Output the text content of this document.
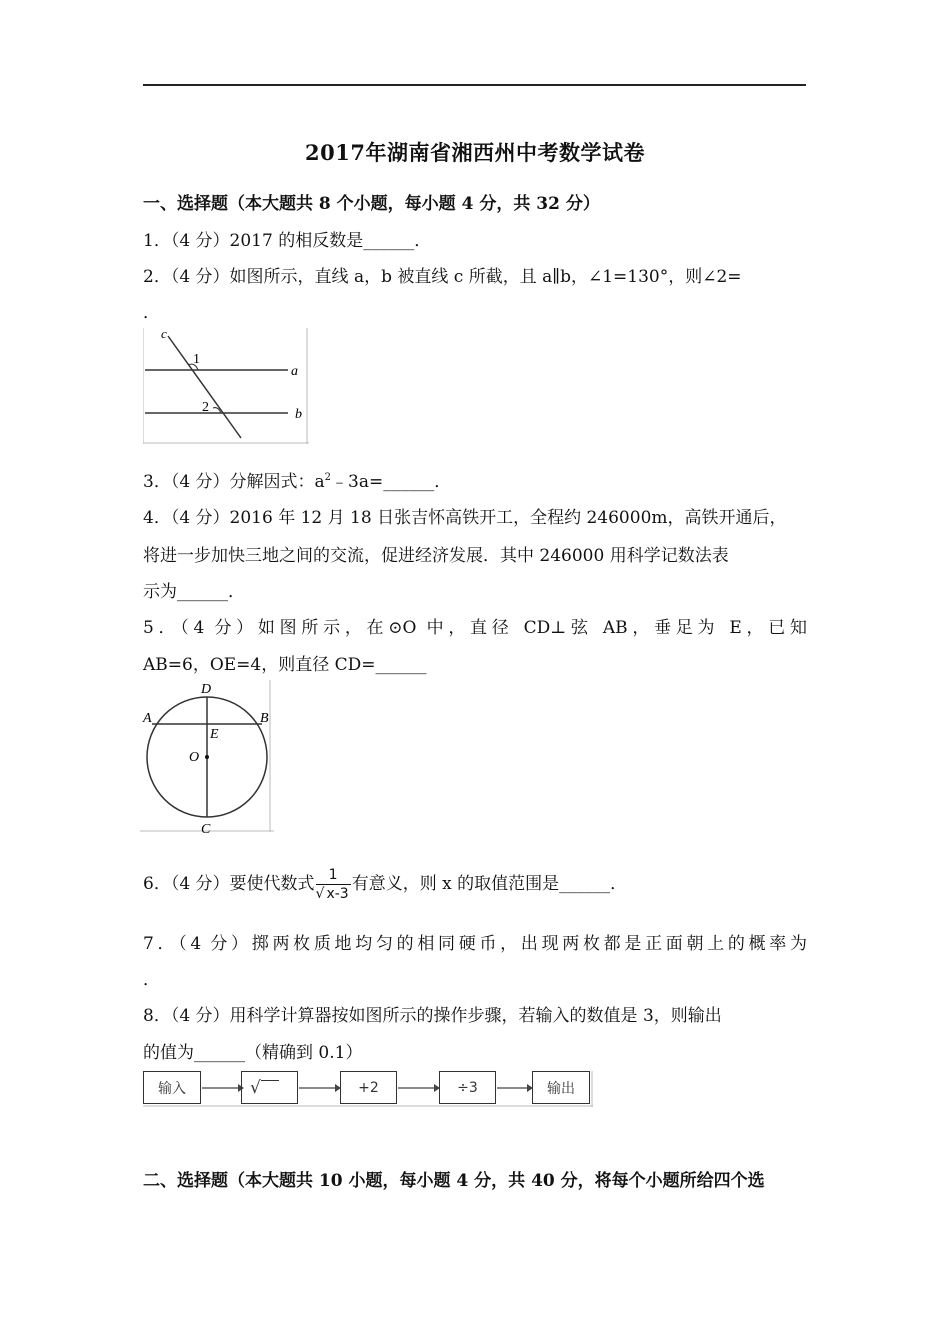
2017年湖南省湘西州中考数学试卷
一、选择题（本大题共 8 个小题，每小题 4 分，共 32 分）
1．（4 分）2017 的相反数是______．
2．（4 分）如图所示，直线 a，b 被直线 c 所截，且 a∥b，∠1=130°，则∠2=
．
c
1
a
2	b
3．（4 分）分解因式：$a^2﹣3a=\_\_\_\_\_\_$．
4．（4 分）2016 年 12 月 18 日张吉怀高铁开工，全程约 246000m，高铁开通后，
将进一步加快三地之间的交流，促进经济发展．其中 246000 用科学记数法表
示为______．
5．（4 分）如图所示，在⊙O 中，直径 CD⊥弦 AB，垂足为 E，已知
AB=6，OE=4，则直径 CD=______
D
A	B
E
O
C
6．（4 分）要使代数式 $\frac{1}{√ x-3}$ 有意义，则 x 的取值范围是______．
7．（4 分）掷两枚质地均匀的相同硬币，出现两枚都是正面朝上的概率为
．
8．（4 分）用科学计算器按如图所示的操作步骤，若输入的数值是 3，则输出
的值为______（精确到 0.1）
输入	√	+2	÷3	输出
二、选择题（本大题共 10 小题，每小题 4 分，共 40 分，将每个小题所给四个选
